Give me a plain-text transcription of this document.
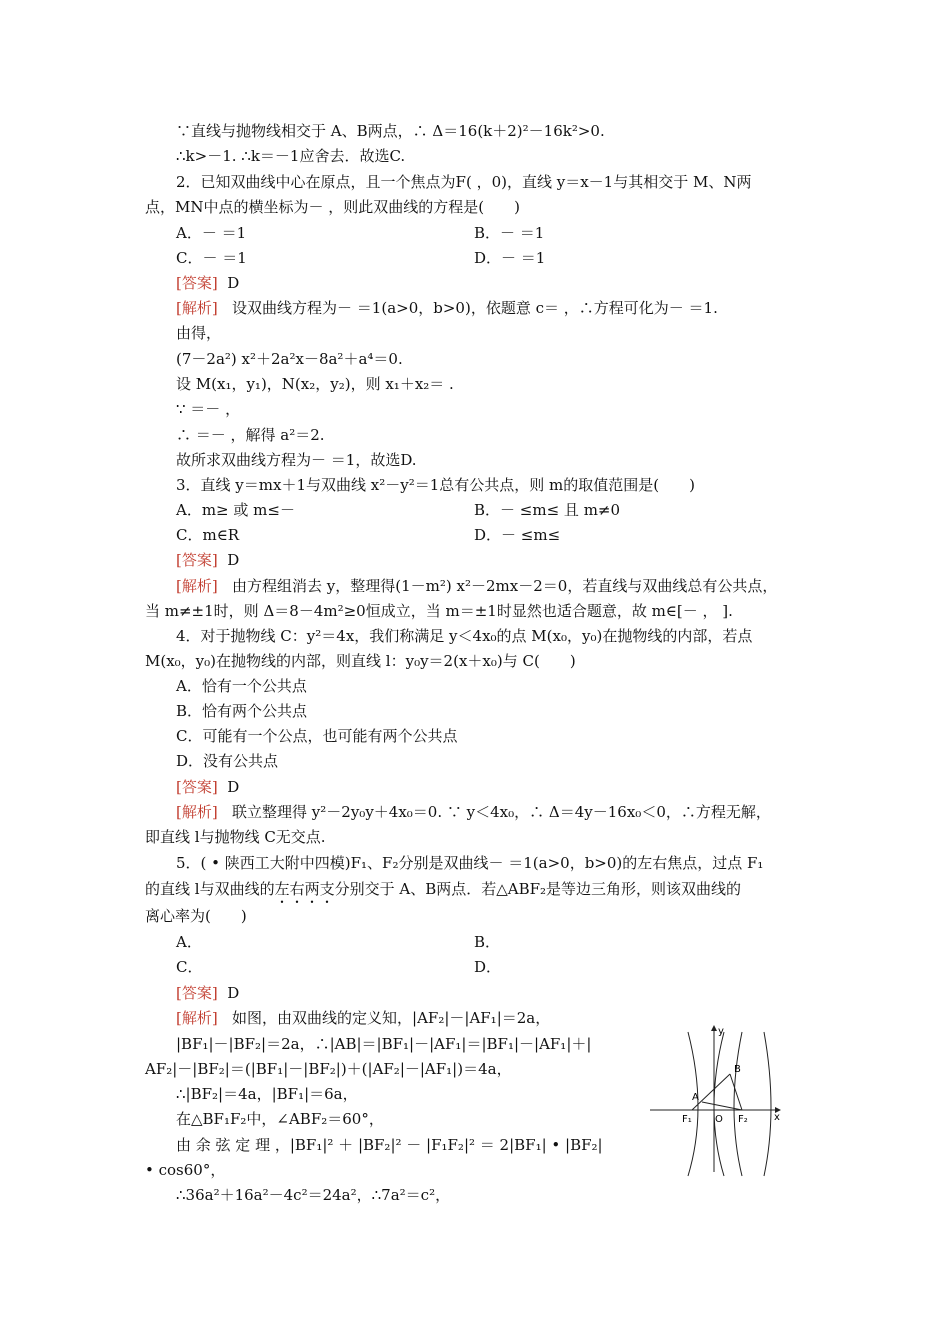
∵直线与抛物线相交于 A、B两点，∴ Δ＝16(k＋2)²－16k²>0.
∴k>－1. ∴k＝－1应舍去．故选C.
2．已知双曲线中心在原点，且一个焦点为F( ，0)，直线 y＝x－1与其相交于 M、N两
点，MN中点的横坐标为－ ，则此双曲线的方程是(　　)
A．－ ＝1	B．－ ＝1
C．－ ＝1	D．－ ＝1
[答案] D
[解析] 设双曲线方程为－ ＝1(a>0，b>0)，依题意 c＝ ，∴方程可化为－ ＝1.
由得，
(7－2a²) x²＋2a²x－8a²＋a⁴＝0.
设 M(x₁，y₁)，N(x₂，y₂)，则 x₁＋x₂＝ .
∵ ＝－ ，
∴ ＝－ ，解得 a²＝2.
故所求双曲线方程为－ ＝1，故选D.
3．直线 y＝mx＋1与双曲线 x²－y²＝1总有公共点，则 m的取值范围是(　　)
A．m≥ 或 m≤－	B．－ ≤m≤ 且 m≠0
C．m∈R	D．－ ≤m≤
[答案] D
[解析] 由方程组消去 y，整理得(1－m²) x²－2mx－2＝0，若直线与双曲线总有公共点，
当 m≠±1时，则 Δ＝8－4m²≥0恒成立，当 m＝±1时显然也适合题意，故 m∈[－ ， ].
4．对于抛物线 C：y²＝4x，我们称满足 y＜4x₀的点 M(x₀，y₀)在抛物线的内部，若点
M(x₀，y₀)在抛物线的内部，则直线 l：y₀y＝2(x＋x₀)与 C(　　)
A．恰有一个公共点
B．恰有两个公共点
C．可能有一个公点，也可能有两个公共点
D．没有公共点
[答案] D
[解析] 联立整理得 y²－2y₀y＋4x₀＝0. ∵ y＜4x₀，∴ Δ＝4y－16x₀＜0，∴方程无解，
即直线 l与抛物线 C无交点.
5．( • 陕西工大附中四模)F₁、F₂分别是双曲线－ ＝1(a>0，b>0)的左右焦点，过点 F₁
的直线 l与双曲线的左右两支分别交于 A、B两点．若△ABF₂是等边三角形，则该双曲线的
离心率为(　　)
A．	B．
C．	D．
[答案] D
[解析] 如图，由双曲线的定义知，|AF₂|－|AF₁|＝2a，
|BF₁|－|BF₂|＝2a，∴|AB|＝|BF₁|－|AF₁|＝|BF₁|－|AF₁|＋|
AF₂|－|BF₂|＝(|BF₁|－|BF₂|)＋(|AF₂|－|AF₁|)＝4a，
∴|BF₂|＝4a，|BF₁|＝6a，
在△BF₁F₂中，∠ABF₂＝60°，
由 余 弦 定 理 ，|BF₁|² ＋ |BF₂|² － |F₁F₂|² ＝ 2|BF₁| • |BF₂|
• cos60°，
∴36a²＋16a²－4c²＝24a²，∴7a²＝c²，
y
x
O
A
B
F₁	F₂
